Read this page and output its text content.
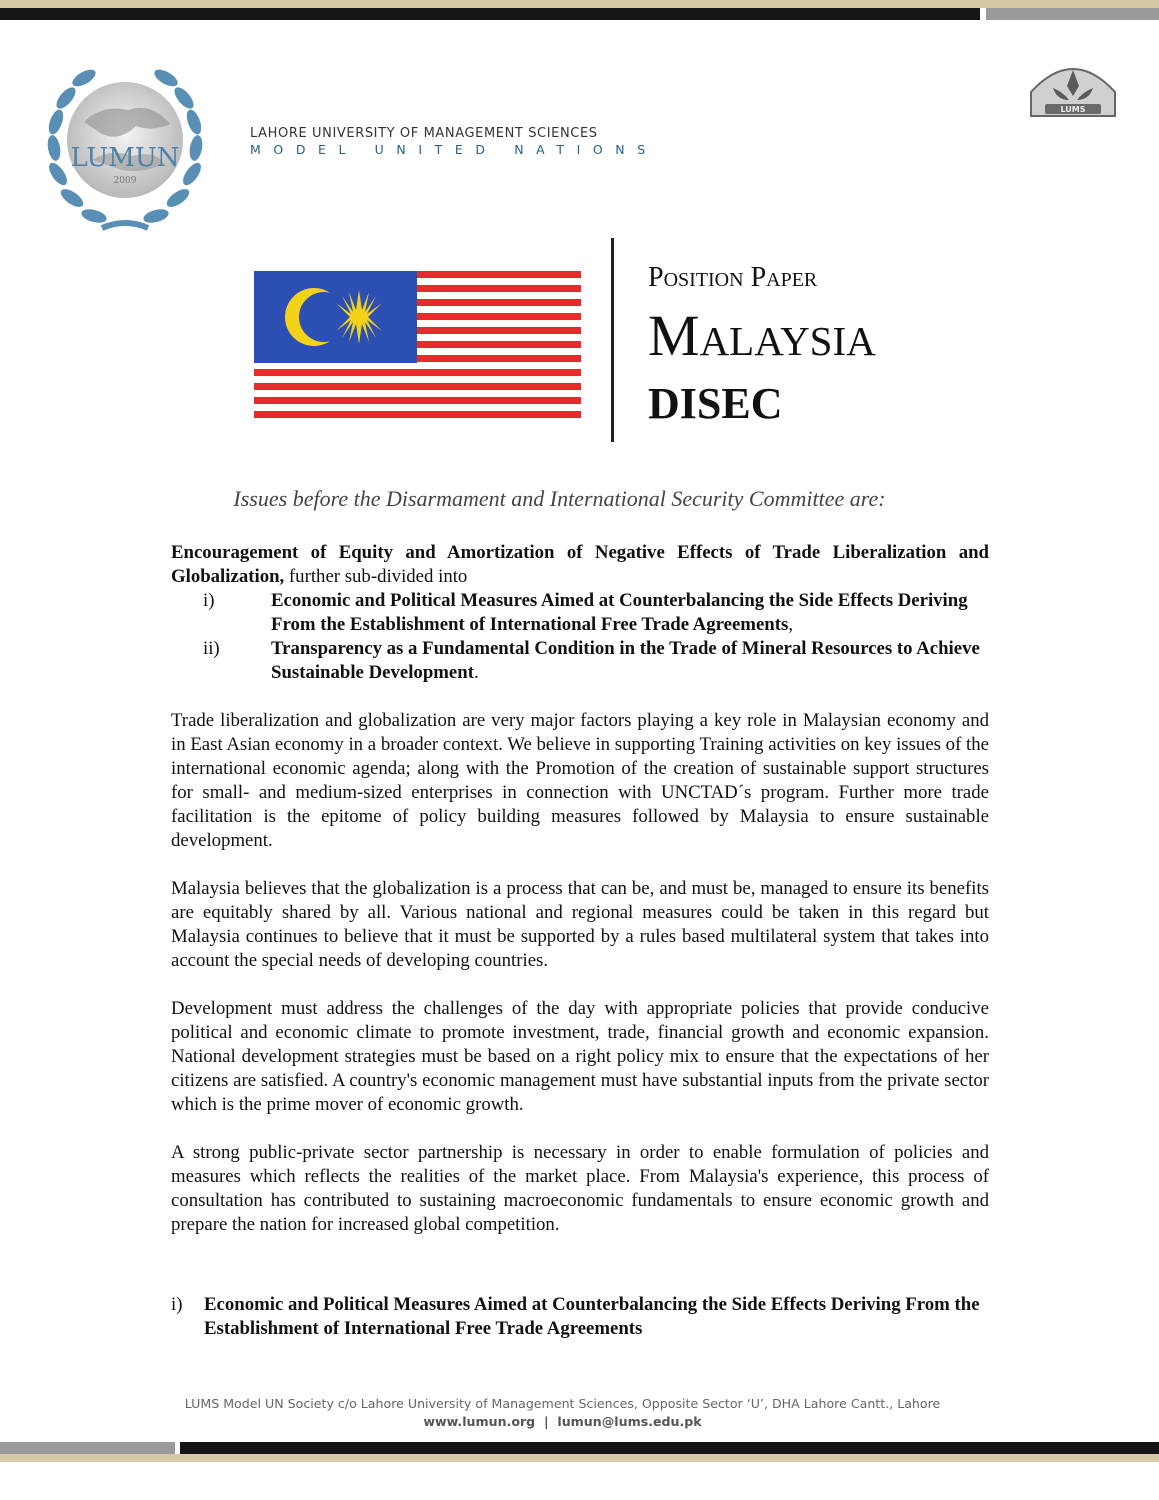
LUMUN
2009
LAHORE UNIVERSITY OF MANAGEMENT SCIENCES
MODEL UNITED NATIONS
LUMS
Position Paper
Malaysia
DISEC
Issues before the Disarmament and International Security Committee are:

Encouragement of Equity and Amortization of Negative Effects of Trade Liberalization and Globalization, further sub-divided into

i)	Economic and Political Measures Aimed at Counterbalancing the Side Effects Deriving From the Establishment of International Free Trade Agreements,
ii)	Transparency as a Fundamental Condition in the Trade of Mineral Resources to Achieve Sustainable Development.

Trade liberalization and globalization are very major factors playing a key role in Malaysian economy and in East Asian economy in a broader context. We believe in supporting Training activities on key issues of the international economic agenda; along with the Promotion of the creation of sustainable support structures for small- and medium-sized enterprises in connection with UNCTAD´s program. Further more trade facilitation is the epitome of policy building measures followed by Malaysia to ensure sustainable development.

Malaysia believes that the globalization is a process that can be, and must be, managed to ensure its benefits are equitably shared by all. Various national and regional measures could be taken in this regard but Malaysia continues to believe that it must be supported by a rules based multilateral system that takes into account the special needs of developing countries.

Development must address the challenges of the day with appropriate policies that provide conducive political and economic climate to promote investment, trade, financial growth and economic expansion. National development strategies must be based on a right policy mix to ensure that the expectations of her citizens are satisfied. A country's economic management must have substantial inputs from the private sector which is the prime mover of economic growth.

A strong public-private sector partnership is necessary in order to enable formulation of policies and measures which reflects the realities of the market place. From Malaysia's experience, this process of consultation has contributed to sustaining macroeconomic fundamentals to ensure economic growth and prepare the nation for increased global competition.

i)	Economic and Political Measures Aimed at Counterbalancing the Side Effects Deriving From the Establishment of International Free Trade Agreements
LUMS Model UN Society c/o Lahore University of Management Sciences, Opposite Sector ‘U’, DHA Lahore Cantt., Lahore
www.lumun.org | lumun@lums.edu.pk
